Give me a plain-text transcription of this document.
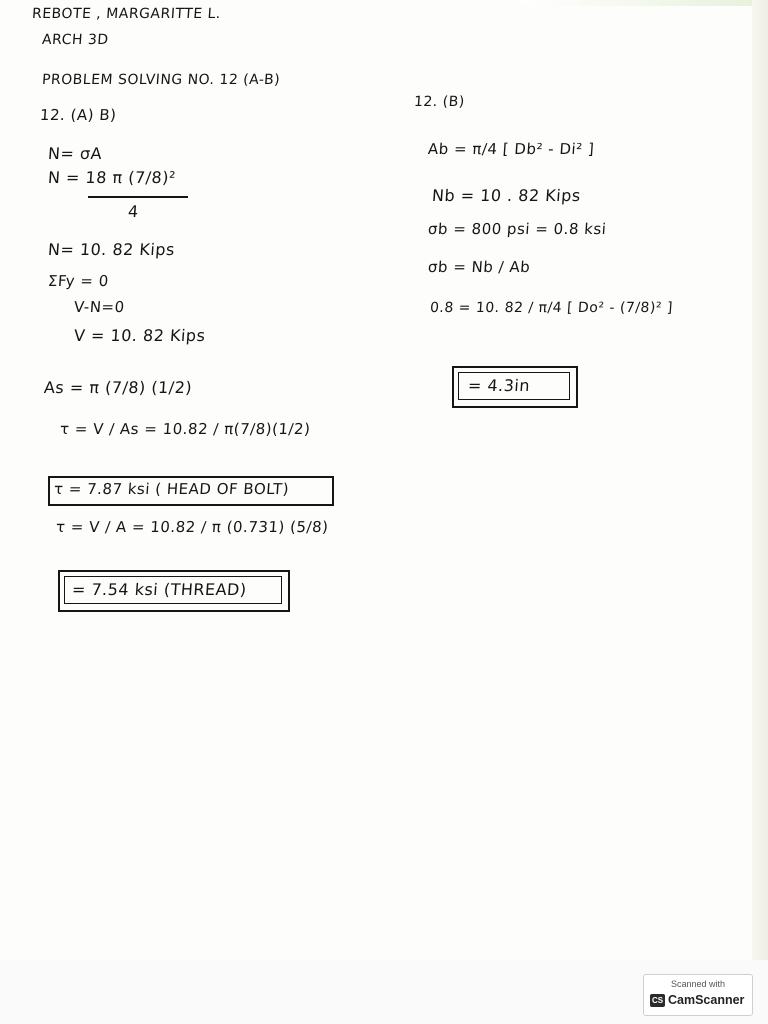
REBOTE , MARGARITTE L.
ARCH 3D
PROBLEM SOLVING NO. 12 (A-B)
12. (A) B)
N= σA
N = 18 π (7/8)²
4
N= 10. 82 Kips
ΣFy = 0
V-N=0
V = 10. 82 Kips
As = π (7/8) (1/2)
τ = V / As = 10.82 / π(7/8)(1/2)
τ = 7.87 ksi ( HEAD OF BOLT)
τ = V / A = 10.82 / π (0.731) (5/8)
= 7.54 ksi (THREAD)
12. (B)
Ab = π/4 [ Db² - Di² ]
Nb = 10 . 82 Kips
σb = 800 psi = 0.8 ksi
σb = Nb / Ab
0.8 = 10. 82 / π/4 [ Do² - (7/8)² ]
= 4.3in
Scanned with
CS CamScanner
